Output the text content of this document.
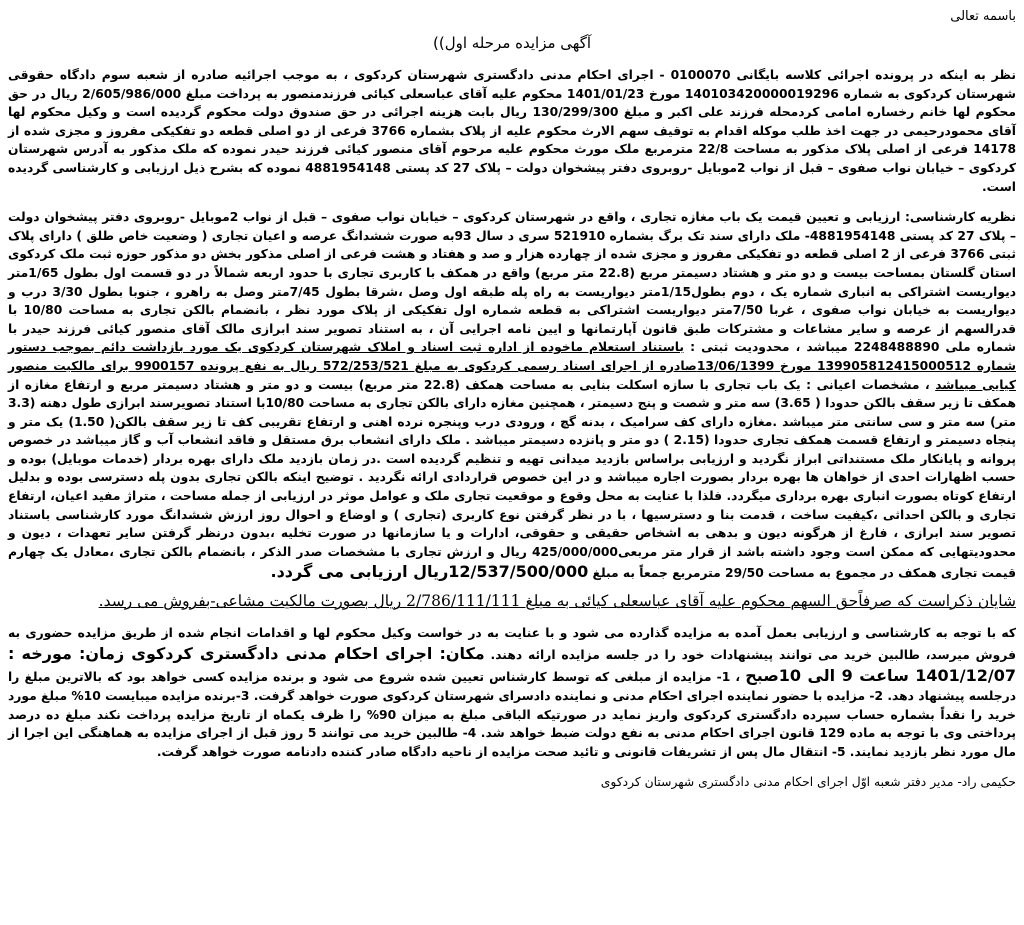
باسمه تعالی

آگهی مزایده مرحله اول))

نظر به اینکه در پرونده اجرائی کلاسه بایگانی 0100070 - اجرای احکام مدنی دادگستری شهرستان کردکوی ، به موجب اجرائیه صادره از شعبه سوم دادگاه حقوقی شهرستان کردکوی به شماره 140103420000019296 مورخ 1401/01/23 محکوم علیه آقای عباسعلی کیائی فرزندمنصور به پرداخت مبلغ 2/605/986/000 ریال در حق محکوم لها خانم رخساره امامی کردمحله فرزند علی اکبر و مبلغ 130/299/300 ریال بابت هزینه اجرائی در حق صندوق دولت محکوم گردیده است و وکیل محکوم لها آقای محمودرحیمی در جهت اخذ طلب موکله اقدام به توقیف سهم الارث محکوم علیه از پلاک بشماره 3766 فرعی از دو اصلی قطعه دو تفکیکی مفروز و مجزی شده از 14178 فرعی از اصلی پلاک مذکور به مساحت 22/8 مترمربع ملک مورث محکوم علیه مرحوم آقای منصور کیائی فرزند حیدر نموده که ملک مذکور به آدرس شهرستان کردکوی – خیابان نواب صفوی – قبل از نواب 2موبایل -روبروی دفتر پیشخوان دولت – پلاک 27 کد پستی 4881954148 نموده که بشرح ذیل ارزیابی و کارشناسی گردیده است.

نظریه کارشناسی: ارزیابی و تعیین قیمت یک باب مغازه تجاری ، واقع در شهرستان کردکوی – خیابان نواب صفوی – قبل از نواب 2موبایل -روبروی دفتر پیشخوان دولت – پلاک 27 کد پستی 4881954148- ملک دارای سند تک برگ بشماره 521910 سری د سال 93به صورت ششدانگ عرصه و اعیان تجاری ( وضعیت خاص طلق ) دارای پلاک ثبتی 3766 فرعی از 2 اصلی قطعه دو تفکیکی مفروز و مجزی شده از چهارده هزار و صد و هفتاد و هشت فرعی از اصلی مذکور بخش دو مذکور حوزه ثبت ملک کردکوی استان گلستان بمساحت بیست و دو متر و هشتاد دسیمتر مربع (22.8 متر مربع) واقع در همکف با کاربری تجاری با حدود اربعه شمالاً در دو قسمت اول بطول 1/65متر دیواریست اشتراکی به انباری شماره یک ، دوم بطول1/15متر دیواریست به راه پله طبقه اول وصل ،شرقا بطول 7/45متر وصل به راهرو ، جنوبا بطول 3/30 درب و دیواریست به خیابان نواب صفوی ، غربا 7/50متر دیواریست اشتراکی به قطعه شماره اول تفکیکی از پلاک مورد نظر ، بانضمام بالکن تجاری به مساحت 10/80 با قدرالسهم از عرصه و سایر مشاعات و مشترکات طبق قانون آپارتمانها و ایین نامه اجرایی آن ، به استناد تصویر سند ابرازی مالک آقای منصور کیائی فرزند حیدر با شماره ملی 2248488890 میباشد ، محدودیت ثبتی : باستناد استعلام ماخوده از اداره ثبت اسناد و املاک شهرستان کردکوی یک مورد بازداشت دائم بموجب دستور شماره 139905812415000512 مورخ 13/06/1399صادره از اجرای اسناد رسمی کردکوی به مبلغ 572/253/521 ریال به نفع پرونده 9900157 برای مالکیت منصور کیایی میباشد ، مشخصات اعیانی : یک باب تجاری با سازه اسکلت بنایی به مساحت همکف (22.8 متر مربع) بیست و دو متر و هشتاد دسیمتر مربع و ارتفاع مغازه از همکف تا زیر سقف بالکن حدودا ( 3.65) سه متر و شصت و پنج دسیمتر ، همچنین مغازه دارای بالکن تجاری به مساحت 10/80با استناد تصویرسند ابرازی طول دهنه (3.3 متر) سه متر و سی سانتی متر میباشد .مغازه دارای کف سرامیک ، بدنه گچ ، ورودی درب وپنجره نرده اهنی و ارتفاع تقریبی کف تا زیر سقف بالکن( 1.50) یک متر و پنجاه دسیمتر و ارتفاع قسمت همکف تجاری حدودا (2.15 ) دو متر و پانزده دسیمتر میباشد . ملک دارای انشعاب برق مستقل و فاقد انشعاب آب و گاز میباشد در خصوص پروانه و پایانکار ملک مستنداتی ابراز نگردید و ارزیابی براساس بازدید میدانی تهیه و تنظیم گردیده است .در زمان بازدید ملک دارای بهره بردار (خدمات موبایل) بوده و حسب اظهارات احدی از خواهان ها بهره بردار بصورت اجاره میباشد و در این خصوص قراردادی ارائه نگردید . توضیح اینکه بالکن تجاری بدون پله دسترسی بوده و بدلیل ارتفاع کوتاه بصورت انباری بهره برداری میگردد. فلذا با عنایت به محل وقوع و موقعیت تجاری ملک و عوامل موثر در ارزیابی از جمله مساحت ، متراژ مفید اعیان، ارتفاع تجاری و بالکن احداثی ،کیفیت ساخت ، قدمت بنا و دسترسیها ، با در نظر گرفتن نوع کاربری (تجاری ) و اوضاع و احوال روز ارزش ششدانگ مورد کارشناسی باستناد تصویر سند ابرازی ، فارغ از هرگونه دیون و بدهی به اشخاص حقیقی و حقوقی، ادارات و یا سازمانها در صورت تخلیه ،بدون درنظر گرفتن سایر تعهدات ، دیون و محدودیتهایی که ممکن است وجود داشته باشد از قرار متر مربعی425/000/000 ریال و ارزش تجاری با مشخصات صدر الذکر ، بانضمام بالکن تجاری ،معادل یک چهارم قیمت تجاری همکف در مجموع به مساحت 29/50 مترمربع جمعاً به مبلغ 12/537/500/000ریال ارزیابی می گردد.

شایان ذکراست که صرفاًحق السهم محکوم علیه آقای عباسعلی کیائی به مبلغ 2/786/111/111 ریال بصورت مالکیت مشاعی-بفروش می رسد.

که با توجه به کارشناسی و ارزیابی بعمل آمده به مزایده گذارده می شود و با عنایت به در خواست وکیل محکوم لها و اقدامات انجام شده از طریق مزایده حضوری به فروش میرسد، طالبین خرید می توانند پیشنهادات خود را در جلسه مزایده ارائه دهند. مکان: اجرای احکام مدنی دادگستری کردکوی زمان: مورخه : 1401/12/07 ساعت 9 الی 10صبح ، 1- مزایده از مبلغی که توسط کارشناس تعیین شده شروع می شود و برنده مزایده کسی خواهد بود که بالاترین مبلغ را درجلسه پیشنهاد دهد. 2- مزایده با حضور نماینده اجرای احکام مدنی و نماینده دادسرای شهرستان کردکوی صورت خواهد گرفت. 3-برنده مزایده میبایست 10% مبلغ مورد خرید را نقداً بشماره حساب سپرده دادگستری کردکوی واریز نماید در صورتیکه الباقی مبلغ به میزان 90% را ظرف یکماه از تاریخ مزایده پرداخت نکند مبلغ ده درصد پرداختی وی با توجه به ماده 129 قانون اجرای احکام مدنی به نفع دولت ضبط خواهد شد. 4- طالبین خرید می توانند 5 روز قبل از اجرای مزایده به هماهنگی این اجرا از مال مورد نظر بازدید نمایند. 5- انتقال مال پس از تشریفات قانونی و تائید صحت مزایده از ناحیه دادگاه صادر کننده دادنامه صورت خواهد گرفت.

حکیمی راد- مدیر دفتر شعبه اوّل اجرای احکام مدنی دادگستری شهرستان کردکوی
